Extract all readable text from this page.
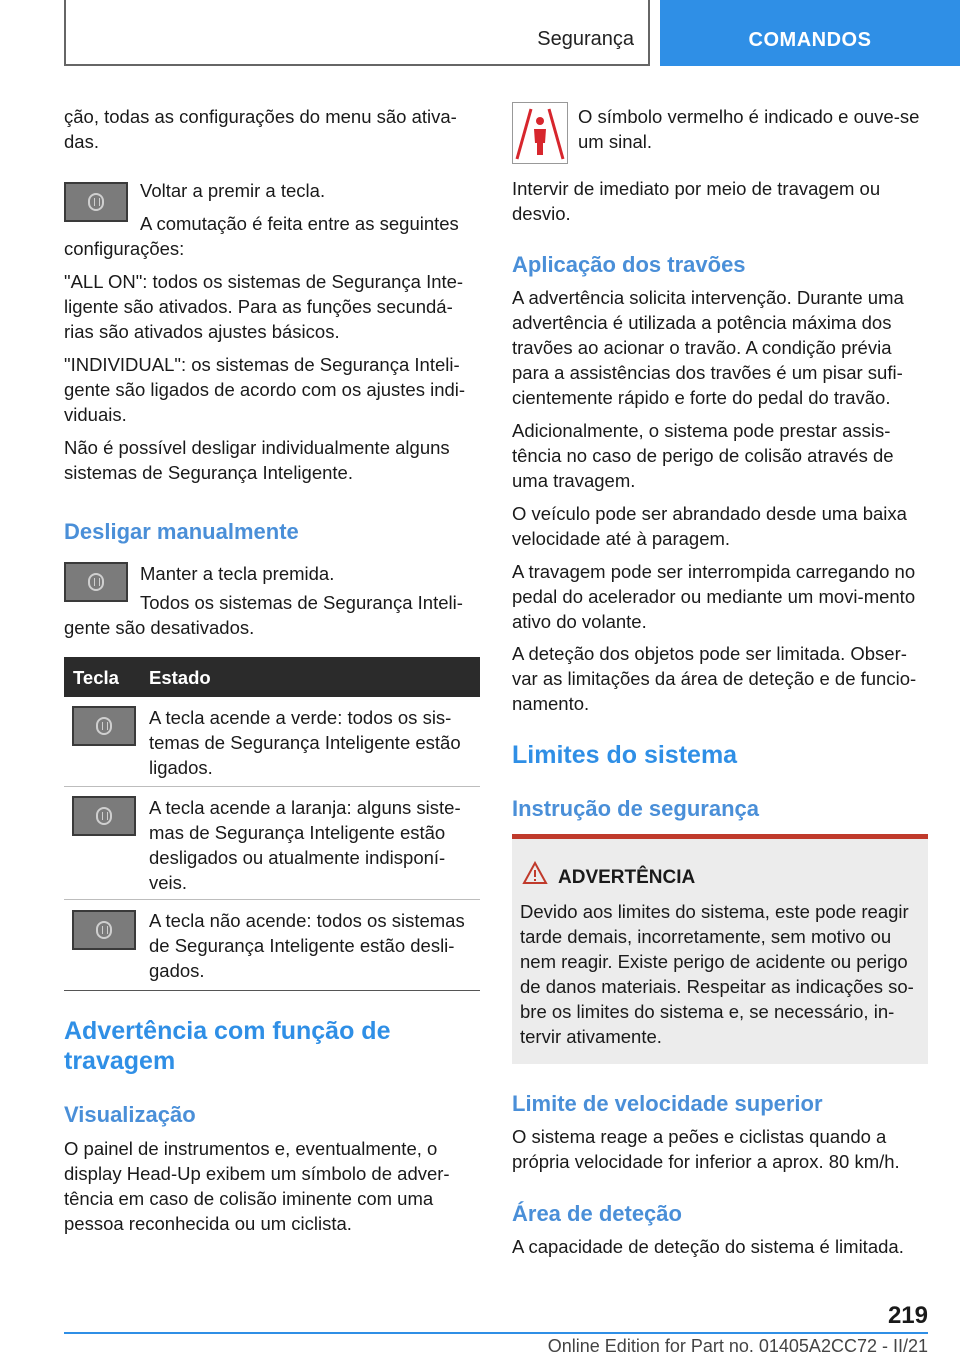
Segurança	COMANDOS
ção, todas as configurações do menu são ativa-das.
Voltar a premir a tecla.
A comutação é feita entre as seguintes configurações:
"ALL ON": todos os sistemas de Segurança Inte-ligente são ativados. Para as funções secundá-rias são ativados ajustes básicos.
"INDIVIDUAL": os sistemas de Segurança Inteli-gente são ligados de acordo com os ajustes indi-viduais.
Não é possível desligar individualmente alguns sistemas de Segurança Inteligente.
Desligar manualmente
Manter a tecla premida.
Todos os sistemas de Segurança Inteli-gente são desativados.
Tecla Estado
A tecla acende a verde: todos os sis-temas de Segurança Inteligente estão ligados.
A tecla acende a laranja: alguns siste-mas de Segurança Inteligente estão desligados ou atualmente indisponí-veis.
A tecla não acende: todos os sistemas de Segurança Inteligente estão desli-gados.
Advertência com função de travagem
Visualização
O painel de instrumentos e, eventualmente, o display Head-Up exibem um símbolo de adver-tência em caso de colisão iminente com uma pessoa reconhecida ou um ciclista.
O símbolo vermelho é indicado e ouve-se um sinal.
Intervir de imediato por meio de travagem ou desvio.
Aplicação dos travões
A advertência solicita intervenção. Durante uma advertência é utilizada a potência máxima dos travões ao acionar o travão. A condição prévia para a assistências dos travões é um pisar sufi-cientemente rápido e forte do pedal do travão.
Adicionalmente, o sistema pode prestar assis-tência no caso de perigo de colisão através de uma travagem.
O veículo pode ser abrandado desde uma baixa velocidade até à paragem.
A travagem pode ser interrompida carregando no pedal do acelerador ou mediante um movi-mento ativo do volante.
A deteção dos objetos pode ser limitada. Obser-var as limitações da área de deteção e de funcio-namento.
Limites do sistema
Instrução de segurança
ADVERTÊNCIA
Devido aos limites do sistema, este pode reagir tarde demais, incorretamente, sem motivo ou nem reagir. Existe perigo de acidente ou perigo de danos materiais. Respeitar as indicações so-bre os limites do sistema e, se necessário, in-tervir ativamente.
Limite de velocidade superior
O sistema reage a peões e ciclistas quando a própria velocidade for inferior a aprox. 80 km/h.
Área de deteção
A capacidade de deteção do sistema é limitada.
219
Online Edition for Part no. 01405A2CC72 - II/21
